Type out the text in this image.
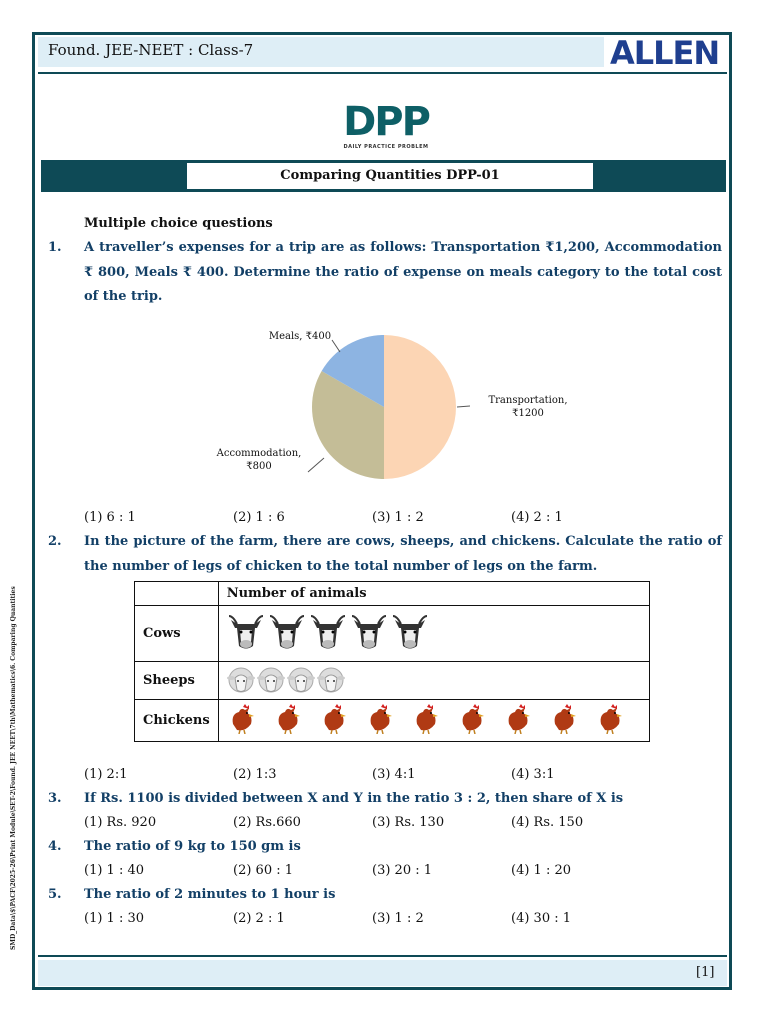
Found. JEE-NEET : Class-7	ALLEN
DPP
DAILY PRACTICE PROBLEM
Comparing Quantities DPP-01
Multiple choice questions
1. A traveller’s expenses for a trip are as follows: Transportation ₹1,200, Accommodation ₹ 800, Meals ₹ 400. Determine the ratio of expense on meals category to the total cost of the trip.
Transportation,
₹1200
Accommodation,
₹800
Meals, ₹400
(1) 6 : 1	(2) 1 : 6	(3) 1 : 2	(4) 2 : 1
2. In the picture of the farm, there are cows, sheeps, and chickens. Calculate the ratio of the number of legs of chicken to the total number of legs on the farm.
	Number of animals
Cows	

Sheeps	

Chickens	
(1) 2:1	(2) 1:3	(3) 4:1	(4) 3:1
3. If Rs. 1100 is divided between X and Y in the ratio 3 : 2, then share of X is
(1) Rs. 920	(2) Rs.660	(3) Rs. 130	(4) Rs. 150
4. The ratio of 9 kg to 150 gm is
(1) 1 : 40	(2) 60 : 1	(3) 20 : 1	(4) 1 : 20
5. The ratio of 2 minutes to 1 hour is
(1) 1 : 30	(2) 2 : 1	(3) 1 : 2	(4) 30 : 1
SMD_Data\$\PACF\2025-26\Print Module\SET-2\Found. JEE NEET\7th\Mathematics\6. Comparing Quantities
[1]
